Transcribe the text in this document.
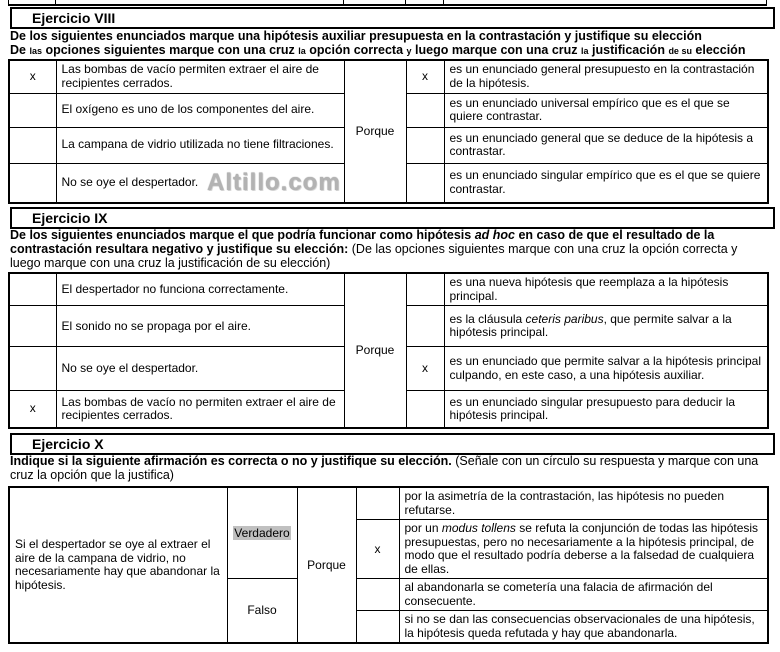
Ejercicio VIII
De los siguientes enunciados marque una hipótesis auxiliar presupuesta en la contrastación y justifique su elección
De las opciones siguientes marque con una cruz la opción correcta y luego marque con una cruz la justificación de su elección
x	Las bombas de vacío permiten extraer el aire de recipientes cerrados.	Porque	x	es un enunciado general presupuesto en la contrastación de la hipótesis.
	El oxígeno es uno de los componentes del aire.			es un enunciado universal empírico que es el que se quiere contrastar.
	La campana de vidrio utilizada no tiene filtraciones.			es un enunciado general que se deduce de la hipótesis a contrastar.
	No se oye el despertador.			es un enunciado singular empírico que es el que se quiere contrastar.
Altillo.com
Ejercicio IX
De los siguientes enunciados marque el que podría funcionar como hipótesis ad hoc en caso de que el resultado de la contrastación resultara negativo y justifique su elección: (De las opciones siguientes marque con una cruz la opción correcta y luego marque con una cruz la justificación de su elección)
	El despertador no funciona correctamente.	Porque		es una nueva hipótesis que reemplaza a la hipótesis principal.
	El sonido no se propaga por el aire.			es la cláusula ceteris paribus, que permite salvar a la hipótesis principal.
	No se oye el despertador.		x	es un enunciado que permite salvar a la hipótesis principal culpando, en este caso, a una hipótesis auxiliar.
x	Las bombas de vacío no permiten extraer el aire de recipientes cerrados.			es un enunciado singular presupuesto para deducir la hipótesis principal.
Ejercicio X
Indique si la siguiente afirmación es correcta o no y justifique su elección. (Señale con un círculo su respuesta y marque con una cruz la opción que la justifica)
Si el despertador se oye al extraer el aire de la campana de vidrio, no necesariamente hay que abandonar la hipótesis.	Verdadero	Porque		por la asimetría de la contrastación, las hipótesis no pueden refutarse.
			x	por un modus tollens se refuta la conjunción de todas las hipótesis presupuestas, pero no necesariamente a la hipótesis principal, de modo que el resultado podría deberse a la falsedad de cualquiera de ellas.
	Falso			al abandonarla se cometería una falacia de afirmación del consecuente.
				si no se dan las consecuencias observacionales de una hipótesis, la hipótesis queda refutada y hay que abandonarla.
